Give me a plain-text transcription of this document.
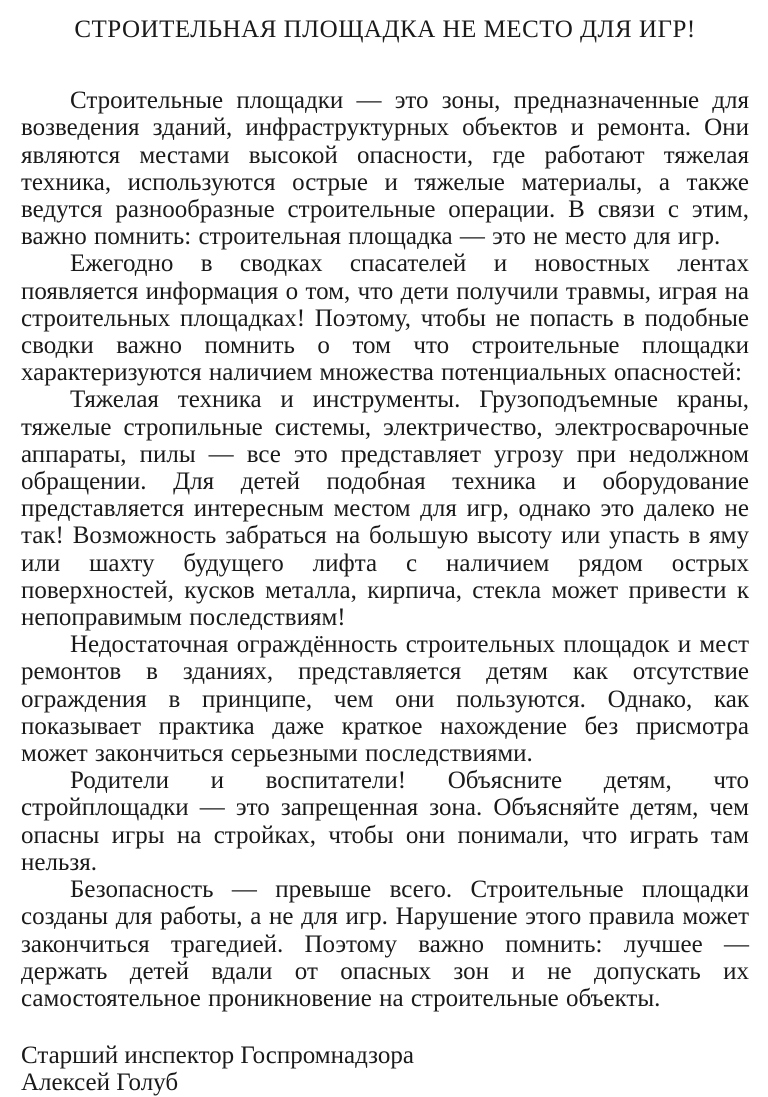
СТРОИТЕЛЬНАЯ ПЛОЩАДКА НЕ МЕСТО ДЛЯ ИГР!

Строительные площадки — это зоны, предназначенные для возведения зданий, инфраструктурных объектов и ремонта. Они являются местами высокой опасности, где работают тяжелая техника, используются острые и тяжелые материалы, а также ведутся разнообразные строительные операции. В связи с этим, важно помнить: строительная площадка — это не место для игр.

Ежегодно в сводках спасателей и новостных лентах появляется информация о том, что дети получили травмы, играя на строительных площадках! Поэтому, чтобы не попасть в подобные сводки важно помнить о том что строительные площадки характеризуются наличием множества потенциальных опасностей:

Тяжелая техника и инструменты. Грузоподъемные краны, тяжелые стропильные системы, электричество, электросварочные аппараты, пилы — все это представляет угрозу при недолжном обращении. Для детей подобная техника и оборудование представляется интересным местом для игр, однако это далеко не так! Возможность забраться на большую высоту или упасть в яму или шахту будущего лифта с наличием рядом острых поверхностей, кусков металла, кирпича, стекла может привести к непоправимым последствиям!

Недостаточная ограждённость строительных площадок и мест ремонтов в зданиях, представляется детям как отсутствие ограждения в принципе, чем они пользуются. Однако, как показывает практика даже краткое нахождение без присмотра может закончиться серьезными последствиями.

Родители и воспитатели! Объясните детям, что стройплощадки — это запрещенная зона. Объясняйте детям, чем опасны игры на стройках, чтобы они понимали, что играть там нельзя.

Безопасность — превыше всего. Строительные площадки созданы для работы, а не для игр. Нарушение этого правила может закончиться трагедией. Поэтому важно помнить: лучшее — держать детей вдали от опасных зон и не допускать их самостоятельное проникновение на строительные объекты.

Старший инспектор Госпромнадзора

Алексей Голуб
